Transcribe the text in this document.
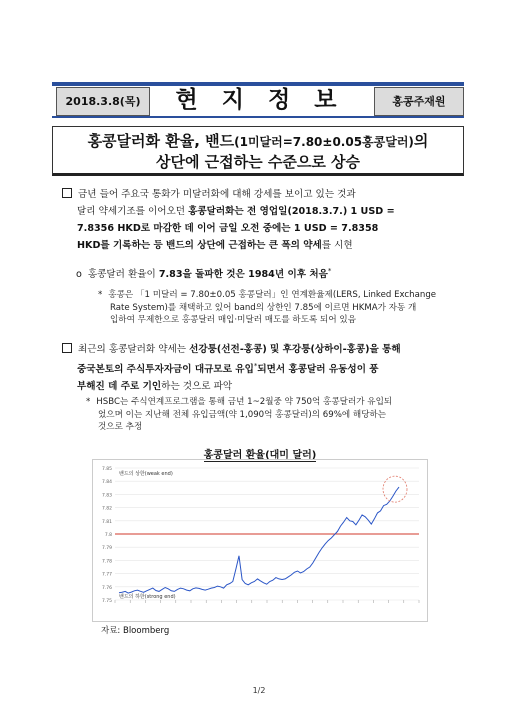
2018.3.8(목)	현 지 정 보	홍콩주재원
홍콩달러화 환율, 밴드(1미달러=7.80±0.05홍콩달러)의
상단에 근접하는 수준으로 상승
금년 들어 주요국 통화가 미달러화에 대해 강세를 보이고 있는 것과
달리 약세기조를 이어오던 홍콩달러화는 전 영업일(2018.3.7.) 1 USD =
7.8356 HKD로 마감한 데 이어 금일 오전 중에는 1 USD = 7.8358
HKD를 기록하는 등 밴드의 상단에 근접하는 큰 폭의 약세를 시현
o 홍콩달러 환율이 7.83을 돌파한 것은 1984년 이후 처음*
* 홍콩은 「1 미달러 = 7.80±0.05 홍콩달러」인 연계환율제(LERS, Linked Exchange
Rate System)를 채택하고 있어 band의 상한인 7.85에 이르면 HKMA가 자동 개
입하여 무제한으로 홍콩달러 매입·미달러 매도를 하도록 되어 있음
최근의 홍콩달러화 약세는 선강퉁(선전-홍콩) 및 후강퉁(상하이-홍콩)을 통해
중국본토의 주식투자자금이 대규모로 유입*되면서 홍콩달러 유동성이 풍
부해진 데 주로 기인하는 것으로 파악
* HSBC는 주식연계프로그램을 통해 금년 1~2월중 약 750억 홍콩달러가 유입되
었으며 이는 지난해 전체 유입금액(약 1,090억 홍콩달러)의 69%에 해당하는
것으로 추정
홍콩달러 환율(대미 달러)
7.85
7.84
7.83
7.82
7.81
7.8
7.79
7.78
7.77
7.76
7.75
밴드의 상한(weak end)
밴드의 하한(strong end)
자료: Bloomberg
1/2
